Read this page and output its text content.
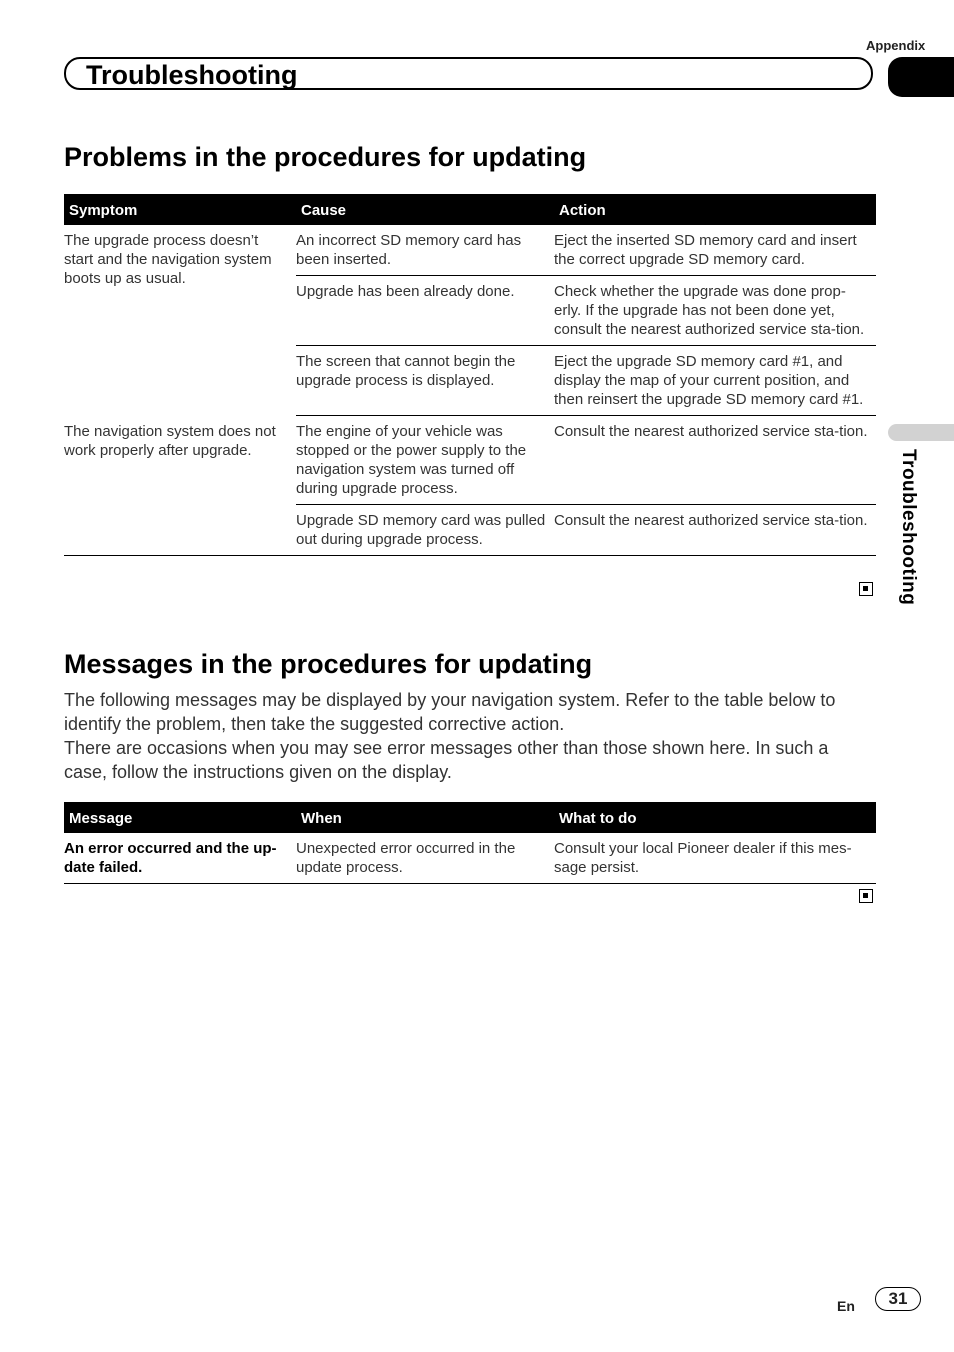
Appendix
Troubleshooting
Troubleshooting
Problems in the procedures for updating
Symptom	Cause	Action
The upgrade process doesn’t start and the navigation system boots up as usual.	An incorrect SD memory card has been inserted.	Eject the inserted SD memory card and insert the correct upgrade SD memory card.
	Upgrade has been already done.	Check whether the upgrade was done prop-erly. If the upgrade has not been done yet, consult the nearest authorized service sta-tion.
	The screen that cannot begin the upgrade process is displayed.	Eject the upgrade SD memory card #1, and display the map of your current position, and then reinsert the upgrade SD memory card #1.
The navigation system does not work properly after upgrade.	The engine of your vehicle was stopped or the power supply to the navigation system was turned off during upgrade process.	Consult the nearest authorized service sta-tion.
	Upgrade SD memory card was pulled out during upgrade process.	Consult the nearest authorized service sta-tion.
Messages in the procedures for updating

The following messages may be displayed by your navigation system. Refer to the table below to identify the problem, then take the suggested corrective action.

There are occasions when you may see error messages other than those shown here. In such a case, follow the instructions given on the display.

Message	When	What to do
An error occurred and the up-date failed.	Unexpected error occurred in the update process.	Consult your local Pioneer dealer if this mes-sage persist.
En	31
